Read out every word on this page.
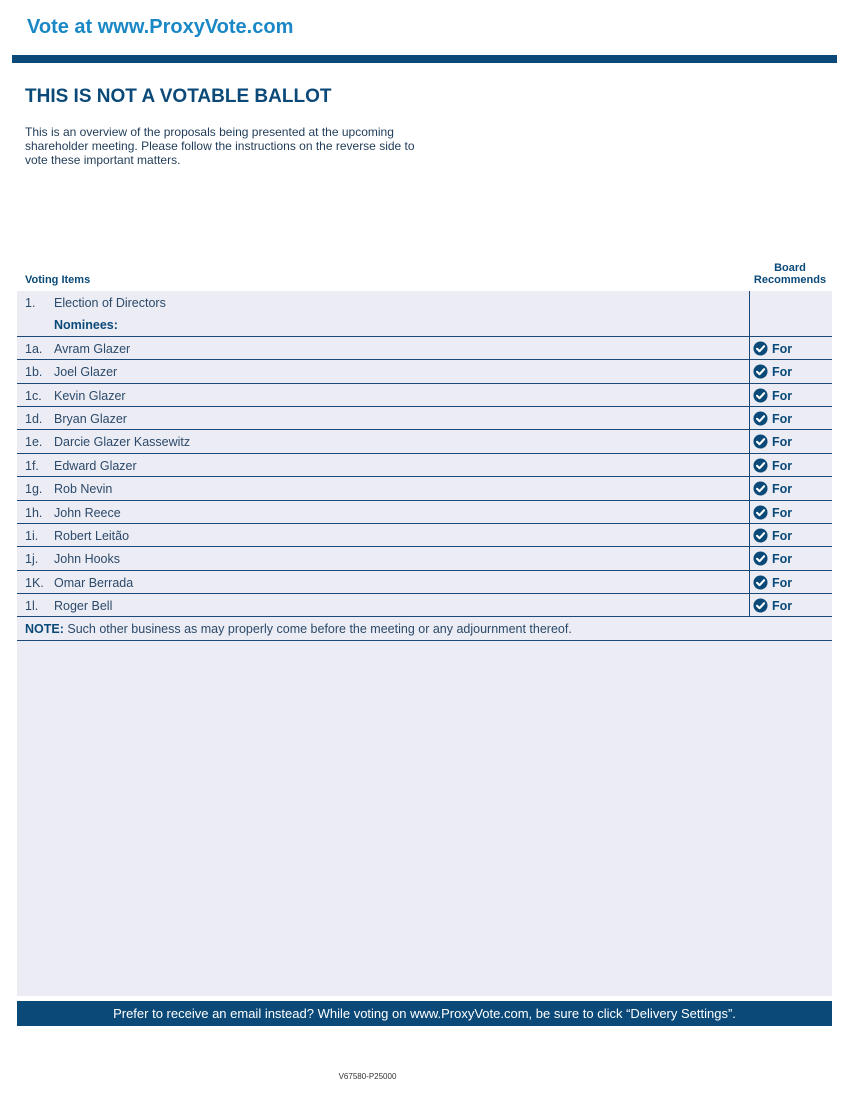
Vote at www.ProxyVote.com
THIS IS NOT A VOTABLE BALLOT

This is an overview of the proposals being presented at the upcoming shareholder meeting. Please follow the instructions on the reverse side to vote these important matters.

Voting Items
Board
Recommends
1. Election of Directors
Nominees:
1a. Avram Glazer	For
1b. Joel Glazer	For
1c. Kevin Glazer	For
1d. Bryan Glazer	For
1e. Darcie Glazer Kassewitz	For
1f. Edward Glazer	For
1g. Rob Nevin	For
1h. John Reece	For
1i. Robert Leitão	For
1j. John Hooks	For
1K. Omar Berrada	For
1l. Roger Bell	For
NOTE: Such other business as may properly come before the meeting or any adjournment thereof.
Prefer to receive an email instead? While voting on www.ProxyVote.com, be sure to click “Delivery Settings”.
V67580-P25000
